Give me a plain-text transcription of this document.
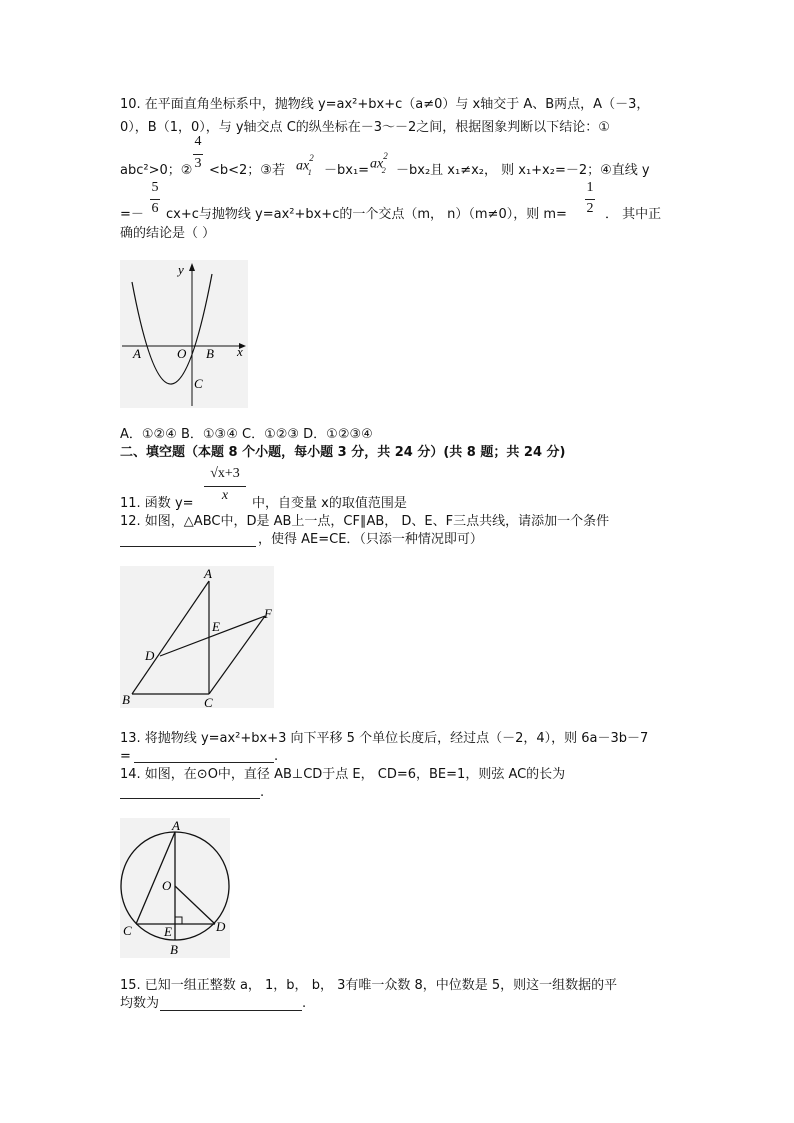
10. 在平面直角坐标系中，抛物线 y=ax²+bx+c（a≠0）与 x轴交于 A、B两点，A（－3，
0），B（1，0），与 y轴交点 C的纵坐标在－3～－2之间，根据图象判断以下结论：①
abc²>0；②
4
3 <b<2；③若 $ax^2_1 -bx_1= ax^2_2 -bx_2$且 x₁≠x₂， 则 x₁+x₂=－2；④直线 y
=－
5
6 cx+c与抛物线 y=ax²+bx+c的一个交点（m， n）（m≠0），则 m=
1
2 ． 其中正
确的结论是（ ）
y
x
A	O B
C
A．①②④ B．①③④ C．①②③ D．①②③④
二、填空题（本题 8 个小题，每小题 3 分，共 24 分）(共 8 题；共 24 分)
11. 函数 y=
√x+3
x
中，自变量 x的取值范围是
12. 如图，△ABC中，D是 AB上一点，CF∥AB， D、E、F三点共线，请添加一个条件
，使得 AE=CE．（只添一种情况即可）
A
B	C
D
E
F
13. 将抛物线 y=ax²+bx+3 向下平移 5 个单位长度后，经过点（－2，4），则 6a－3b－7
=	.
14. 如图，在⊙O中，直径 AB⊥CD于点 E， CD=6，BE=1，则弦 AC的长为
.
A
O
C E
B
D
15. 已知一组正整数 a， 1，b， b， 3有唯一众数 8，中位数是 5，则这一组数据的平
均数为	.
